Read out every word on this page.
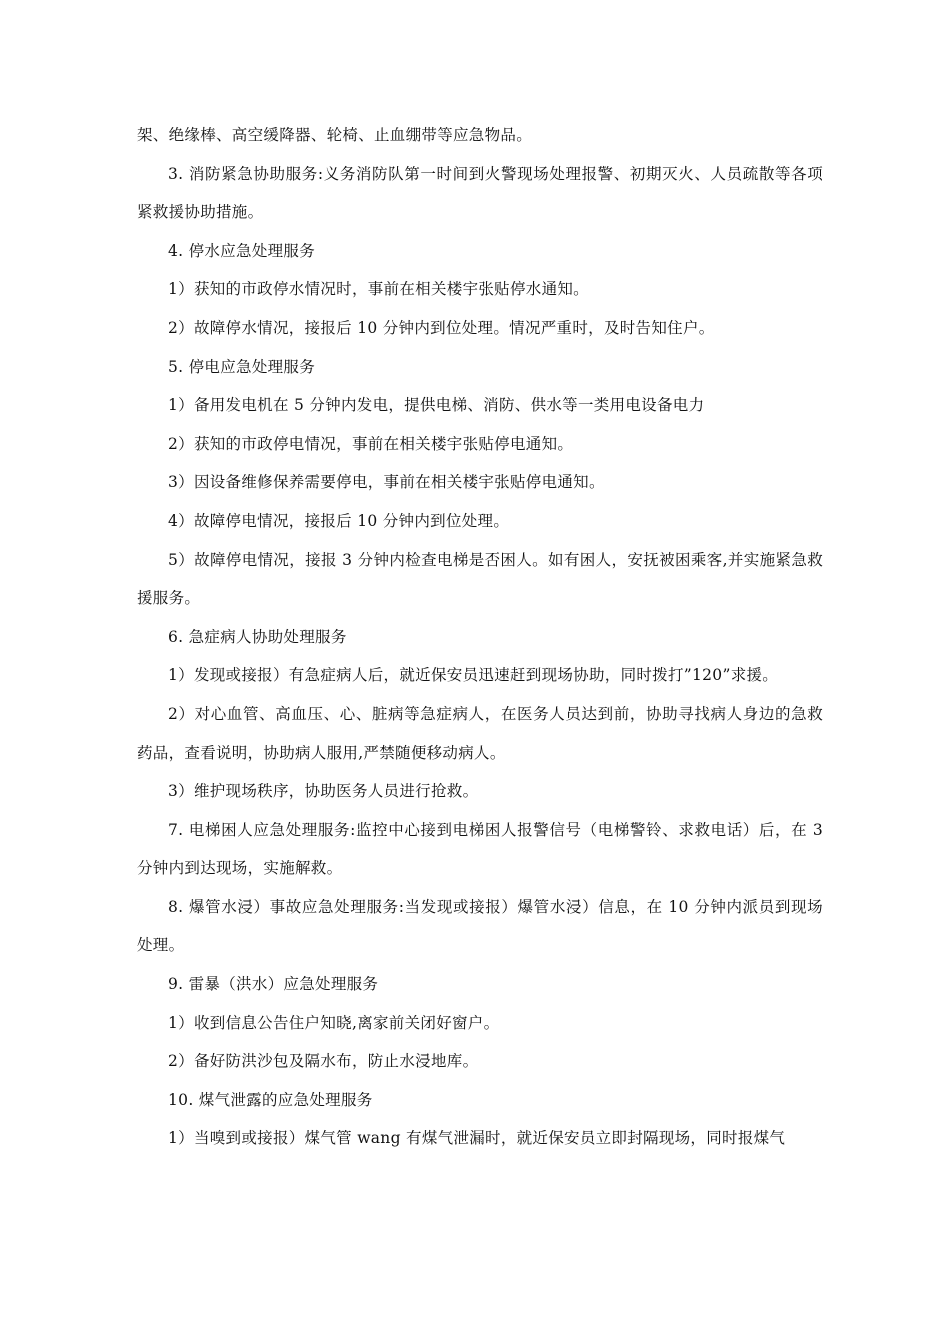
架、绝缘棒、高空缓降器、轮椅、止血绷带等应急物品。

3. 消防紧急协助服务:义务消防队第一时间到火警现场处理报警、初期灭火、人员疏散等各项紧救援协助措施。

4. 停水应急处理服务

1）获知的市政停水情况时，事前在相关楼宇张贴停水通知。

2）故障停水情况，接报后 10 分钟内到位处理。情况严重时，及时告知住户。

5. 停电应急处理服务

1）备用发电机在 5 分钟内发电，提供电梯、消防、供水等一类用电设备电力

2）获知的市政停电情况，事前在相关楼宇张贴停电通知。

3）因设备维修保养需要停电，事前在相关楼宇张贴停电通知。

4）故障停电情况，接报后 10 分钟内到位处理。

5）故障停电情况，接报 3 分钟内检查电梯是否困人。如有困人，安抚被困乘客,并实施紧急救援服务。

6. 急症病人协助处理服务

1）发现或接报）有急症病人后，就近保安员迅速赶到现场协助，同时拨打”120”求援。

2）对心血管、高血压、心、脏病等急症病人，在医务人员达到前，协助寻找病人身边的急救药品，查看说明，协助病人服用,严禁随便移动病人。

3）维护现场秩序，协助医务人员进行抢救。

7. 电梯困人应急处理服务:监控中心接到电梯困人报警信号（电梯警铃、求救电话）后，在 3 分钟内到达现场，实施解救。

8. 爆管水浸）事故应急处理服务:当发现或接报）爆管水浸）信息，在 10 分钟内派员到现场处理。

9. 雷暴（洪水）应急处理服务

1）收到信息公告住户知晓,离家前关闭好窗户。

2）备好防洪沙包及隔水布，防止水浸地库。

10. 煤气泄露的应急处理服务

1）当嗅到或接报）煤气管 wang 有煤气泄漏时，就近保安员立即封隔现场，同时报煤气
